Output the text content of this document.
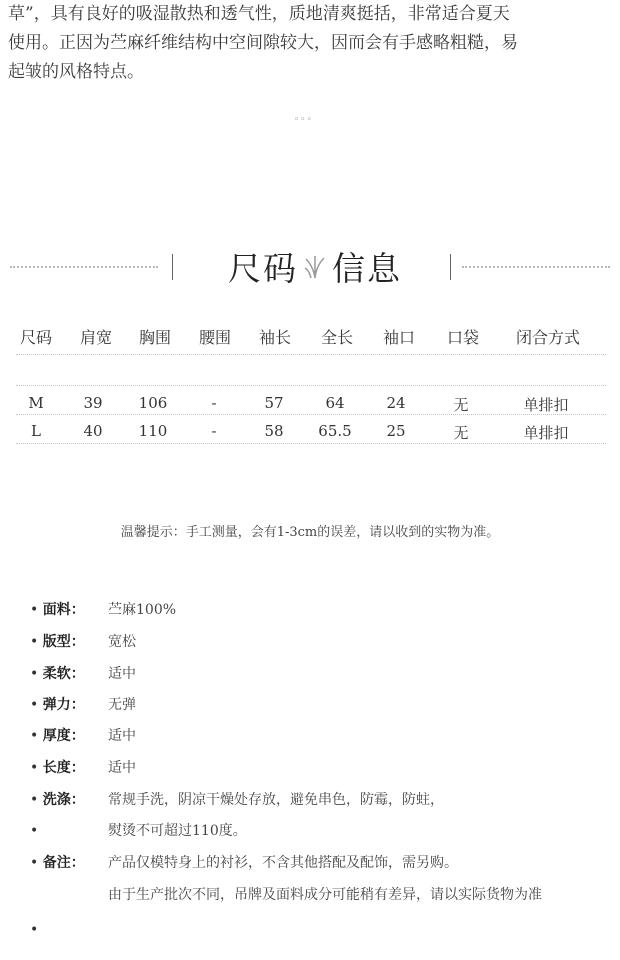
草”，具有良好的吸湿散热和透气性，质地清爽挺括，非常适合夏天

使用。正因为苎麻纤维结构中空间隙较大，因而会有手感略粗糙，易

起皱的风格特点。

◦◦◦
尺码 信息
尺码	肩宽	胸围	腰围	袖长	全长	袖口	口袋	闭合方式
M	39	106	-	57	64	24	无	单排扣
L	40	110	-	58	65.5	25	无	单排扣
温馨提示：手工测量，会有1-3cm的误差，请以收到的实物为准。
• 面料： 苎麻100%
• 版型： 宽松
• 柔软： 适中
• 弹力： 无弹
• 厚度： 适中
• 长度： 适中
• 洗涤： 常规手洗，阴凉干燥处存放，避免串色，防霉，防蛀，
•	熨烫不可超过110度。
• 备注： 产品仅模特身上的衬衫，不含其他搭配及配饰，需另购。
由于生产批次不同，吊牌及面料成分可能稍有差异，请以实际货物为准
•
